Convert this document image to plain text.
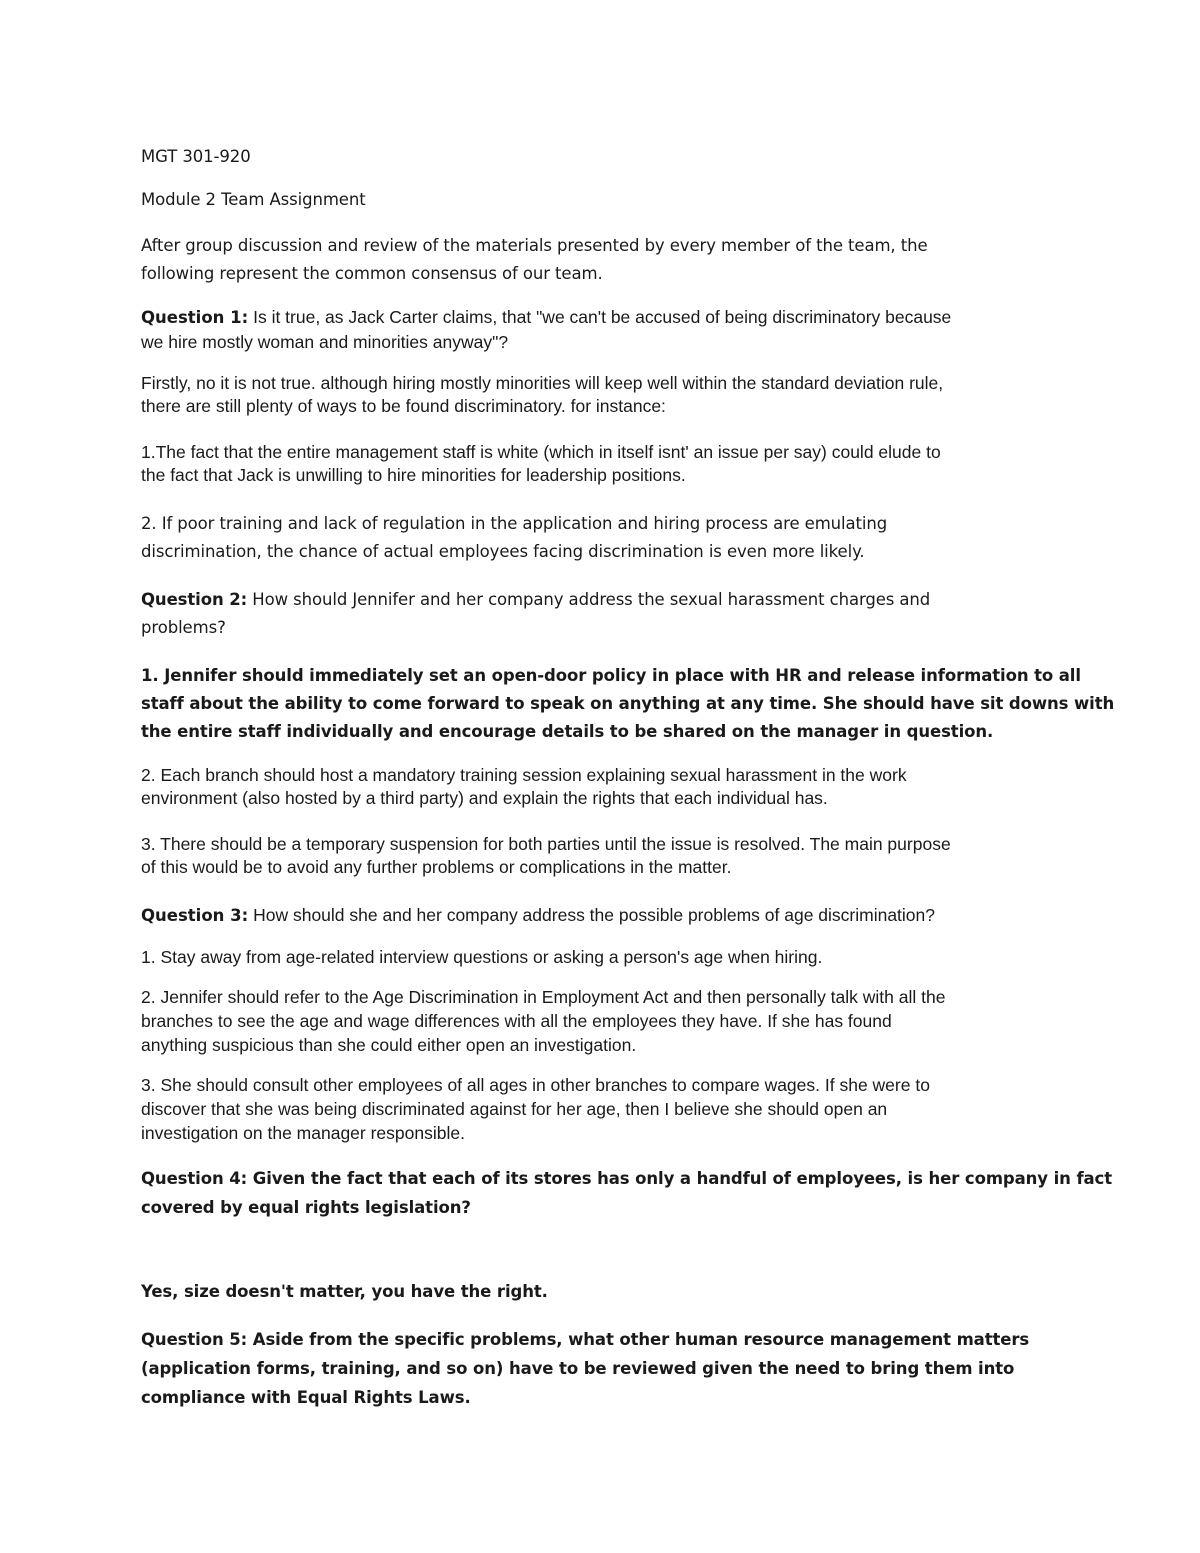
MGT 301-920

Module 2 Team Assignment

After group discussion and review of the materials presented by every member of the team, the
following represent the common consensus of our team.
Question 1: Is it true, as Jack Carter claims, that "we can't be accused of being discriminatory because
we hire mostly woman and minorities anyway"?
Firstly, no it is not true. although hiring mostly minorities will keep well within the standard deviation rule,
there are still plenty of ways to be found discriminatory. for instance:
1.The fact that the entire management staff is white (which in itself isnt' an issue per say) could elude to
the fact that Jack is unwilling to hire minorities for leadership positions.
2. If poor training and lack of regulation in the application and hiring process are emulating
discrimination, the chance of actual employees facing discrimination is even more likely.
Question 2: How should Jennifer and her company address the sexual harassment charges and
problems?
1. Jennifer should immediately set an open-door policy in place with HR and release information to all
staff about the ability to come forward to speak on anything at any time. She should have sit downs with
the entire staff individually and encourage details to be shared on the manager in question.
2. Each branch should host a mandatory training session explaining sexual harassment in the work
environment (also hosted by a third party) and explain the rights that each individual has.
3. There should be a temporary suspension for both parties until the issue is resolved. The main purpose
of this would be to avoid any further problems or complications in the matter.
Question 3: How should she and her company address the possible problems of age discrimination?

1. Stay away from age-related interview questions or asking a person's age when hiring.

2. Jennifer should refer to the Age Discrimination in Employment Act and then personally talk with all the
branches to see the age and wage differences with all the employees they have. If she has found
anything suspicious than she could either open an investigation.
3. She should consult other employees of all ages in other branches to compare wages. If she were to
discover that she was being discriminated against for her age, then I believe she should open an
investigation on the manager responsible.
Question 4: Given the fact that each of its stores has only a handful of employees, is her company in fact
covered by equal rights legislation?

Yes, size doesn't matter, you have the right.

Question 5: Aside from the specific problems, what other human resource management matters
(application forms, training, and so on) have to be reviewed given the need to bring them into
compliance with Equal Rights Laws.
